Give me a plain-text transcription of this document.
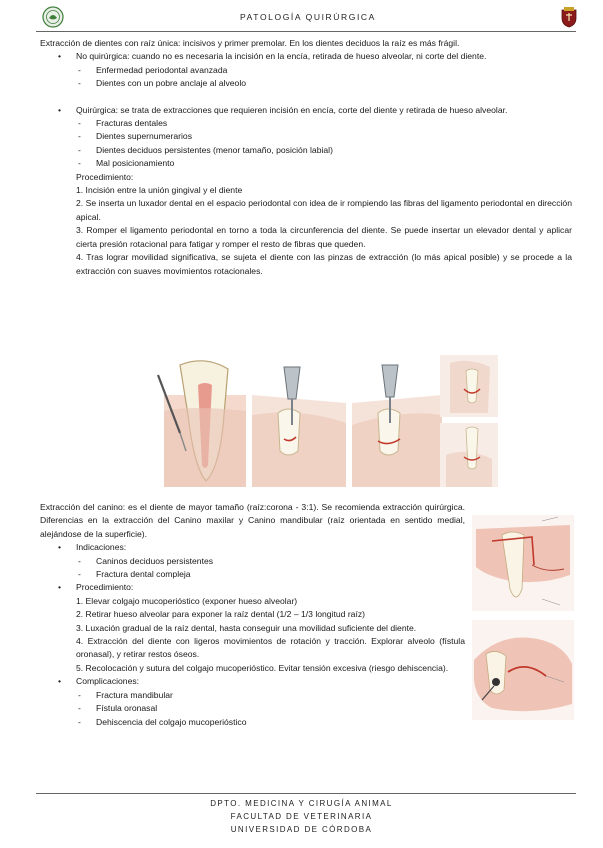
PATOLOGÍA QUIRÚRGICA

Extracción de dientes con raíz única: incisivos y primer premolar. En los dientes deciduos la raíz es más frágil.

• No quirúrgica: cuando no es necesaria la incisión en la encía, retirada de hueso alveolar, ni corte del diente.

- Enfermedad periodontal avanzada

- Dientes con un pobre anclaje al alveolo

• Quirúrgica: se trata de extracciones que requieren incisión en encía, corte del diente y retirada de hueso alveolar.

- Fracturas dentales

- Dientes supernumerarios

- Dientes deciduos persistentes (menor tamaño, posición labial)

- Mal posicionamiento

Procedimiento:

1. Incisión entre la unión gingival y el diente

2. Se inserta un luxador dental en el espacio periodontal con idea de ir rompiendo las fibras del ligamento periodontal en dirección apical.

3. Romper el ligamento periodontal en torno a toda la circunferencia del diente. Se puede insertar un elevador dental y aplicar cierta presión rotacional para fatigar y romper el resto de fibras que queden.

4. Tras lograr movilidad significativa, se sujeta el diente con las pinzas de extracción (lo más apical posible) y se procede a la extracción con suaves movimientos rotacionales.

Extracción del canino: es el diente de mayor tamaño (raíz:corona - 3:1). Se recomienda extracción quirúrgica. Diferencias en la extracción del Canino maxilar y Canino mandibular (raíz orientada en sentido medial, alejándose de la superficie).

• Indicaciones:

- Caninos deciduos persistentes

- Fractura dental compleja

• Procedimiento:

1. Elevar colgajo mucoperióstico (exponer hueso alveolar)

2. Retirar hueso alveolar para exponer la raíz dental (1/2 – 1/3 longitud raíz)

3. Luxación gradual de la raíz dental, hasta conseguir una movilidad suficiente del diente.

4. Extracción del diente con ligeros movimientos de rotación y tracción. Explorar alveolo (fístula oronasal), y retirar restos óseos.

5. Recolocación y sutura del colgajo mucoperióstico. Evitar tensión excesiva (riesgo dehiscencia).

• Complicaciones:

- Fractura mandibular

- Fístula oronasal

- Dehiscencia del colgajo mucoperióstico

DPTO. MEDICINA Y CIRUGÍA ANIMAL
FACULTAD DE VETERINARIA
UNIVERSIDAD DE CÓRDOBA
